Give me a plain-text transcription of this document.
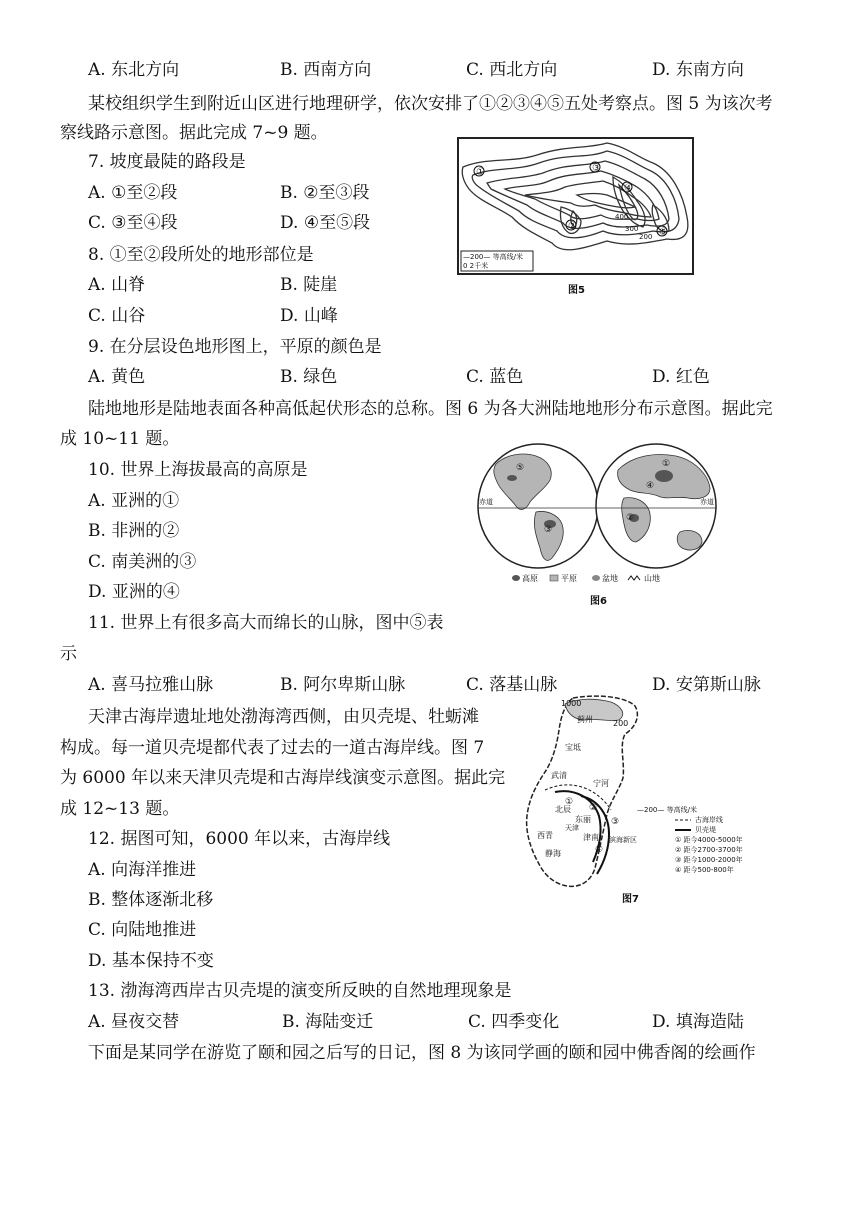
A. 东北方向	B. 西南方向	C. 西北方向	D. 东南方向
某校组织学生到附近山区进行地理研学，依次安排了①②③④⑤五处考察点。图 5 为该次考
察线路示意图。据此完成 7~9 题。
7. 坡度最陡的路段是
A. ①至②段	B. ②至③段
C. ③至④段	D. ④至⑤段
8. ①至②段所处的地形部位是
A. 山脊	B. 陡崖
C. 山谷	D. 山峰
9. 在分层设色地形图上，平原的颜色是
A. 黄色	B. 绿色	C. 蓝色	D. 红色
陆地地形是陆地表面各种高低起伏形态的总称。图 6 为各大洲陆地地形分布示意图。据此完
成 10~11 题。
10. 世界上海拔最高的高原是
A. 亚洲的①
B. 非洲的②
C. 南美洲的③
D. 亚洲的④
11. 世界上有很多高大而绵长的山脉，图中⑤表
示
A. 喜马拉雅山脉	B. 阿尔卑斯山脉	C. 落基山脉	D. 安第斯山脉
天津古海岸遗址地处渤海湾西侧，由贝壳堤、牡蛎滩
构成。每一道贝壳堤都代表了过去的一道古海岸线。图 7
为 6000 年以来天津贝壳堤和古海岸线演变示意图。据此完
成 12~13 题。
12. 据图可知，6000 年以来，古海岸线
A. 向海洋推进
B. 整体逐渐北移
C. 向陆地推进
D. 基本保持不变
13. 渤海湾西岸古贝壳堤的演变所反映的自然地理现象是
A. 昼夜交替	B. 海陆变迁	C. 四季变化	D. 填海造陆
下面是某同学在游览了颐和园之后写的日记，图 8 为该同学画的颐和园中佛香阁的绘画作
①
②
③
④
⑤
400
300
200
—200— 等高线/米
0 2千米
图5
赤道	赤道
③
②
①
④
⑤
高原	平原	盆地	山地
图6
1000
200
蓟州
宝坻
武清
宁河
北辰
东丽
津南
西青
静海
滨海新区
天津
①
②
③
④
—200— 等高线/米
古海岸线
贝壳堤
① 距今4000-5000年
② 距今2700-3700年
③ 距今1000-2000年
④ 距今500-800年
图7
